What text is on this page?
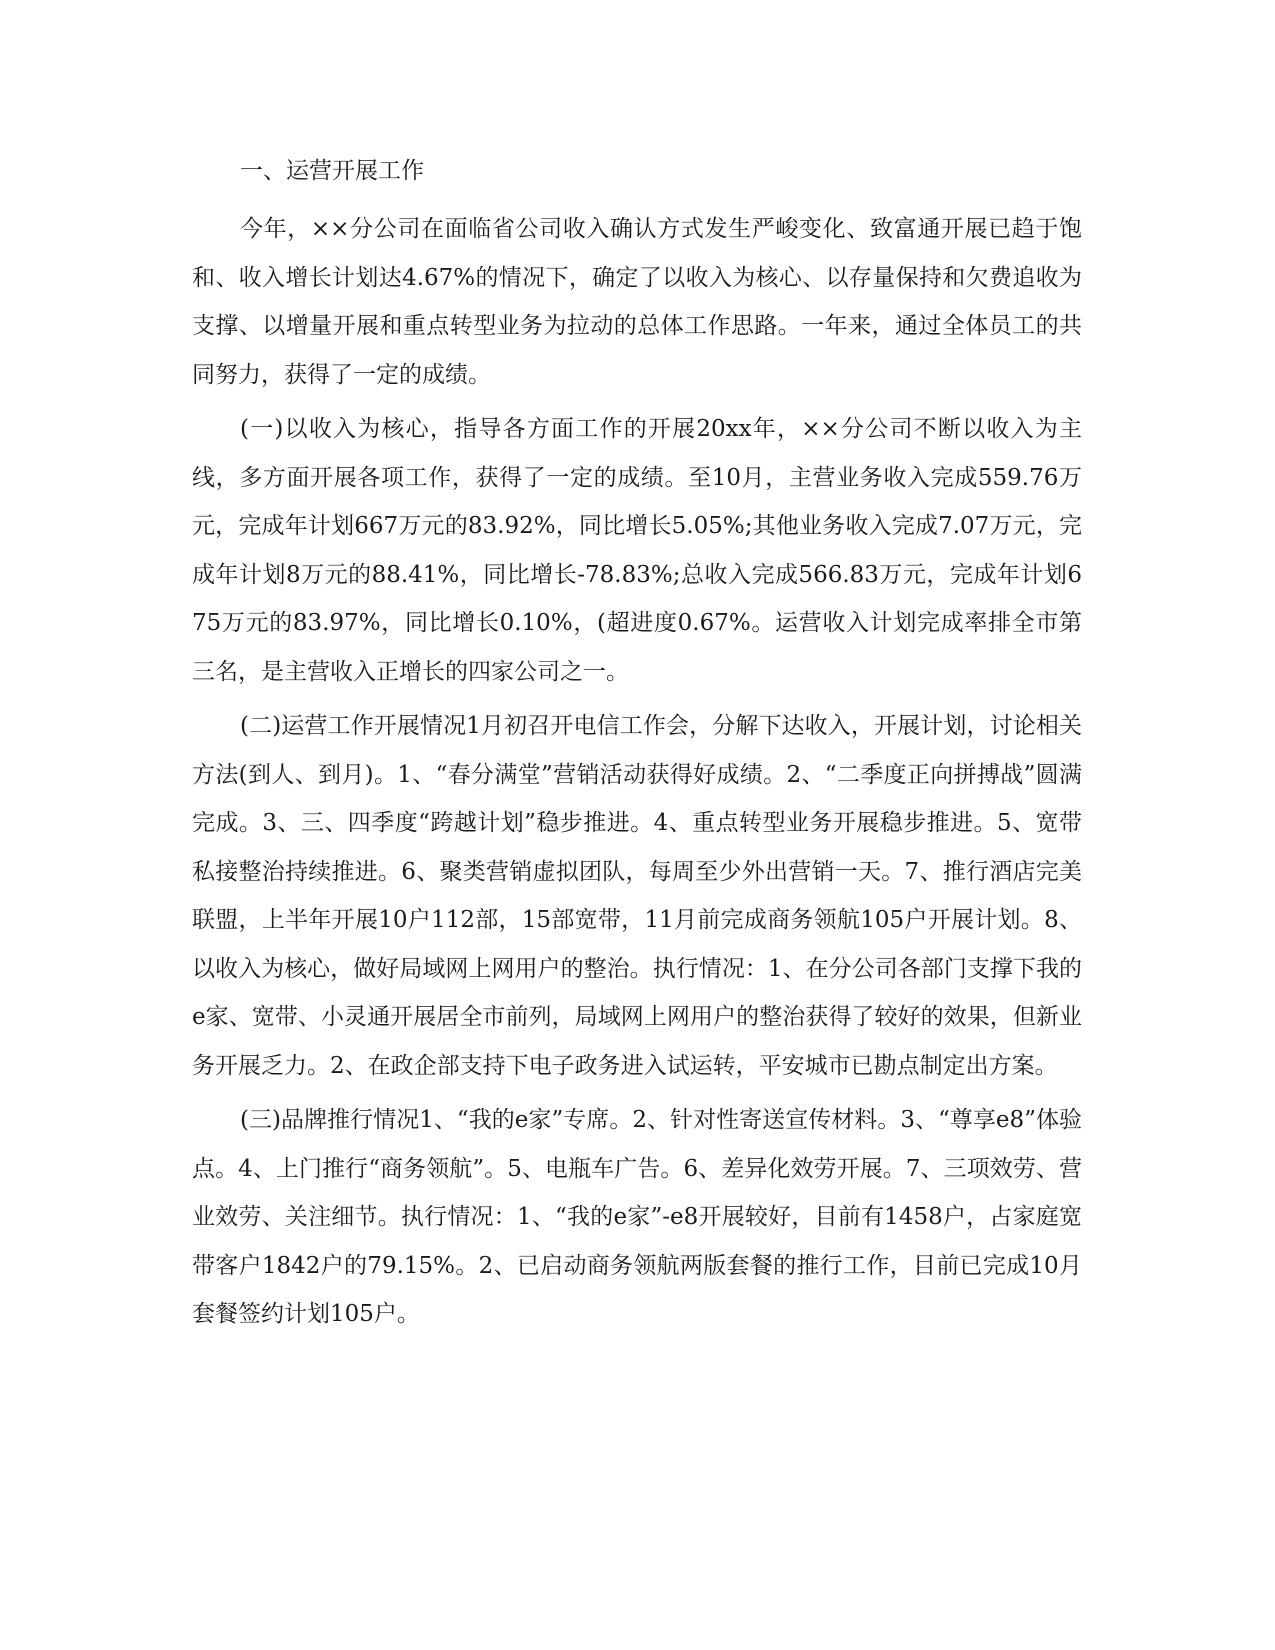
一、运营开展工作

今年，××分公司在面临省公司收入确认方式发生严峻变化、致富通开展已趋于饱和、收入增长计划达4.67%的情况下，确定了以收入为核心、以存量保持和欠费追收为支撑、以增量开展和重点转型业务为拉动的总体工作思路。一年来，通过全体员工的共同努力，获得了一定的成绩。

(一)以收入为核心，指导各方面工作的开展20xx年，××分公司不断以收入为主线，多方面开展各项工作，获得了一定的成绩。至10月，主营业务收入完成559.76万元，完成年计划667万元的83.92%，同比增长5.05%;其他业务收入完成7.07万元，完成年计划8万元的88.41%，同比增长-78.83%;总收入完成566.83万元，完成年计划675万元的83.97%，同比增长0.10%，(超进度0.67%。运营收入计划完成率排全市第三名，是主营收入正增长的四家公司之一。

(二)运营工作开展情况1月初召开电信工作会，分解下达收入，开展计划，讨论相关方法(到人、到月)。1、“春分满堂”营销活动获得好成绩。2、“二季度正向拼搏战”圆满完成。3、三、四季度“跨越计划”稳步推进。4、重点转型业务开展稳步推进。5、宽带私接整治持续推进。6、聚类营销虚拟团队，每周至少外出营销一天。7、推行酒店完美联盟，上半年开展10户112部，15部宽带，11月前完成商务领航105户开展计划。8、以收入为核心，做好局域网上网用户的整治。执行情况：1、在分公司各部门支撑下我的e家、宽带、小灵通开展居全市前列，局域网上网用户的整治获得了较好的效果，但新业务开展乏力。2、在政企部支持下电子政务进入试运转，平安城市已勘点制定出方案。

(三)品牌推行情况1、“我的e家”专席。2、针对性寄送宣传材料。3、“尊享e8”体验点。4、上门推行“商务领航”。5、电瓶车广告。6、差异化效劳开展。7、三项效劳、营业效劳、关注细节。执行情况：1、“我的e家”-e8开展较好，目前有1458户，占家庭宽带客户1842户的79.15%。2、已启动商务领航两版套餐的推行工作，目前已完成10月套餐签约计划105户。
